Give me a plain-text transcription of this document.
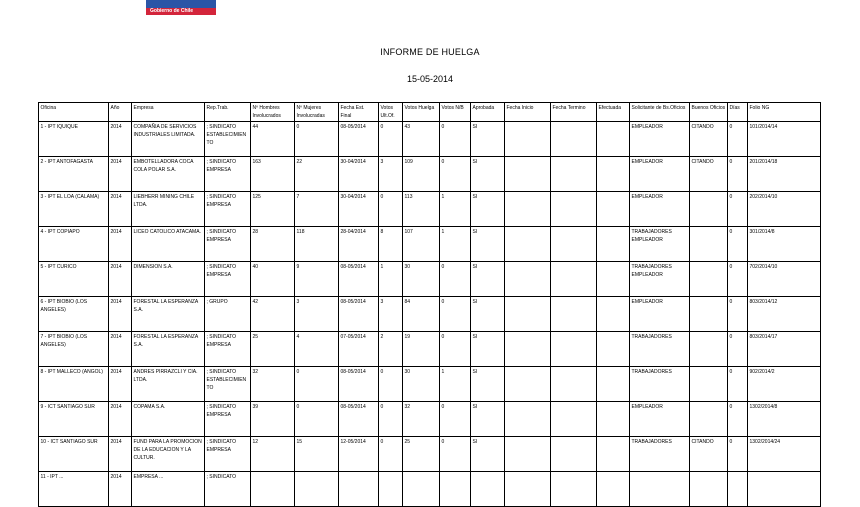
Gobierno de Chile
INFORME DE HUELGA
15-05-2014
Oficina	Año	Empresa	Rep.Trab.	Nº Hombres Involucrados	Nº Mujeres Involucradas	Fecha Est. Final	Votos Ult.Of.	Votos Huelga	Votos N/B	Aprobada	Fecha Inicio	Fecha Termino	Efectuada	Solicitante de Bs.Oficios	Buenos Oficios	Días	Folio NG
1 - IPT IQUIQUE	2014	COMPAÑIA DE SERVICIOS INDUSTRIALES LIMITADA.	; SINDICATO ESTABLECIMIENTO	44	0	08-05/2014	0	43	0	SI				EMPLEADOR	CITANDO	0	101/2014/14
2 - IPT ANTOFAGASTA	2014	EMBOTELLADORA COCA COLA POLAR S.A.	; SINDICATO EMPRESA	163	22	30-04/2014	3	109	0	SI				EMPLEADOR	CITANDO	0	201/2014/18
3 - IPT EL LOA (CALAMA)	2014	LIEBHERR MINING CHILE LTDA.	; SINDICATO EMPRESA	125	7	30-04/2014	0	113	1	SI				EMPLEADOR		0	202/2014/10
4 - IPT COPIAPO	2014	LICEO CATOLICO ATACAMA.	; SINDICATO EMPRESA	28	118	28-04/2014	8	107	1	SI				TRABAJADORES EMPLEADOR		0	301/2014/8
5 - IPT CURICO	2014	DIMENSION S.A.	; SINDICATO EMPRESA	40	9	08-05/2014	1	30	0	SI				TRABAJADORES EMPLEADOR		0	702/2014/10
6 - IPT BIOBIO (LOS ANGELES)	2014	FORESTAL LA ESPERANZA S.A.	; GRUPO	42	3	08-05/2014	3	84	0	SI				EMPLEADOR		0	803/2014/12
7 - IPT BIOBIO (LOS ANGELES)	2014	FORESTAL LA ESPERANZA S.A.	; SINDICATO EMPRESA	25	4	07-05/2014	2	19	0	SI				TRABAJADORES		0	803/2014/17
8 - IPT MALLECO (ANGOL)	2014	ANDRES PIRRAZCLI Y CIA. LTDA.	; SINDICATO ESTABLECIMIENTO	32	0	08-05/2014	0	30	1	SI				TRABAJADORES		0	902/2014/2
9 - ICT SANTIAGO SUR	2014	COPAMA S.A.	; SINDICATO EMPRESA	39	0	08-05/2014	0	32	0	SI				EMPLEADOR		0	1302/2014/8
10 - ICT SANTIAGO SUR	2014	FUND PARA LA PROMOCION DE LA EDUCACION Y LA CULTUR.	; SINDICATO EMPRESA	12	15	12-05/2014	0	25	0	SI				TRABAJADORES	CITANDO	0	1302/2014/24
11 - IPT ...	2014	EMPRESA ...	; SINDICATO														
